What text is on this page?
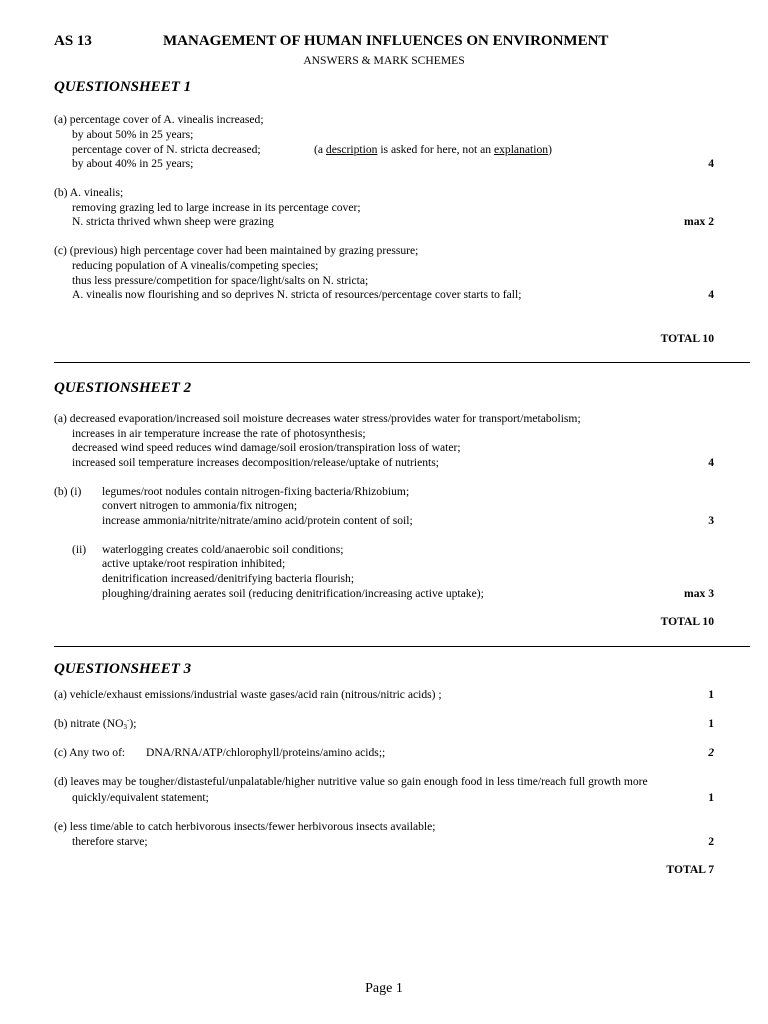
AS 13	MANAGEMENT OF HUMAN INFLUENCES ON ENVIRONMENT
ANSWERS & MARK SCHEMES
QUESTIONSHEET 1
(a) percentage cover of A. vinealis increased;
by about 50% in 25 years;
percentage cover of N. stricta decreased;	(a description is asked for here, not an explanation)
by about 40% in 25 years;	4
(b) A. vinealis;
removing grazing led to large increase in its percentage cover;
N. stricta thrived whwn sheep were grazing	max 2
(c) (previous) high percentage cover had been maintained by grazing pressure;
reducing population of A vinealis/competing species;
thus less pressure/competition for space/light/salts on N. stricta;
A. vinealis now flourishing and so deprives N. stricta of resources/percentage cover starts to fall;	4
TOTAL 10
QUESTIONSHEET 2
(a) decreased evaporation/increased soil moisture decreases water stress/provides water for transport/metabolism;
increases in air temperature increase the rate of photosynthesis;
decreased wind speed reduces wind damage/soil erosion/transpiration loss of water;
increased soil temperature increases decomposition/release/uptake of nutrients;	4
(b) (i) legumes/root nodules contain nitrogen-fixing bacteria/Rhizobium;
convert nitrogen to ammonia/fix nitrogen;
increase ammonia/nitrite/nitrate/amino acid/protein content of soil;	3
(ii) waterlogging creates cold/anaerobic soil conditions;
active uptake/root respiration inhibited;
denitrification increased/denitrifying bacteria flourish;
ploughing/draining aerates soil (reducing denitrification/increasing active uptake);	max 3
TOTAL 10
QUESTIONSHEET 3
(a) vehicle/exhaust emissions/industrial waste gases/acid rain (nitrous/nitric acids) ;	1
(b) nitrate $(NO_3^-)$;	1
(c) Any two of: DNA/RNA/ATP/chlorophyll/proteins/amino acids;;	2
(d) leaves may be tougher/distasteful/unpalatable/higher nutritive value so gain enough food in less time/reach full growth more
quickly/equivalent statement;	1
(e) less time/able to catch herbivorous insects/fewer herbivorous insects available;
therefore starve;	2
TOTAL 7
Page 1
